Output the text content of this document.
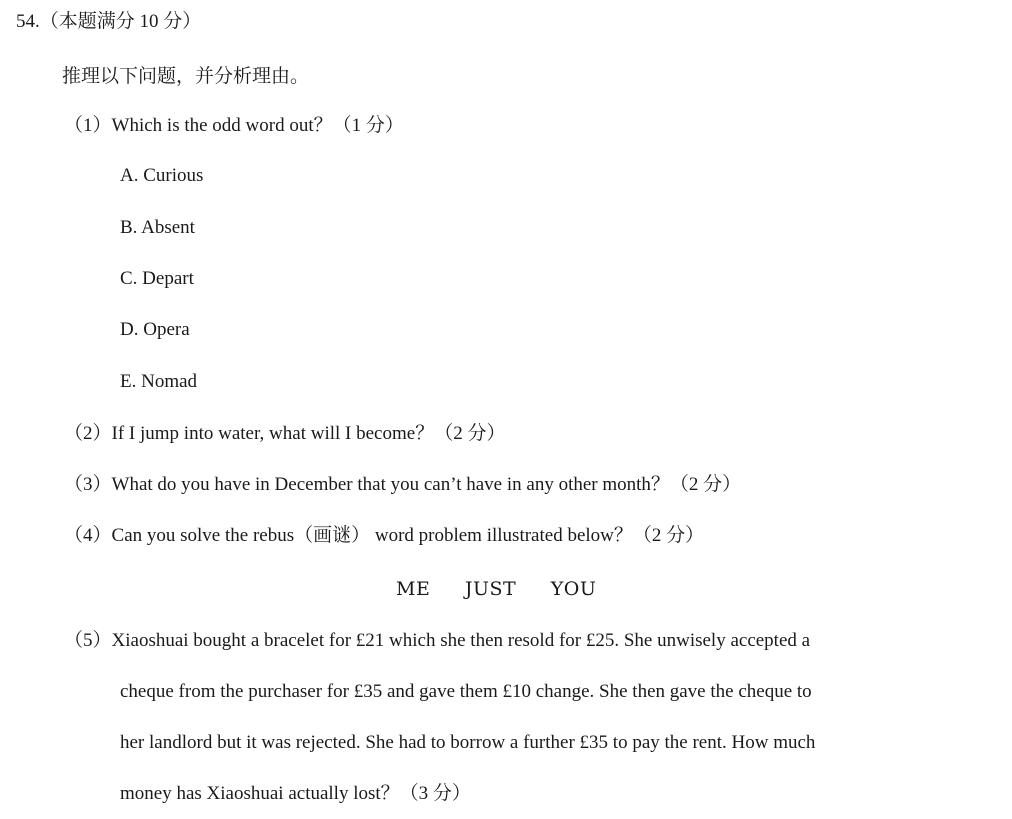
54.（本题满分 10 分）
推理以下问题，并分析理由。
（1）Which is the odd word out？（1 分）
A. Curious
B. Absent
C. Depart
D. Opera
E. Nomad
（2）If I jump into water, what will I become？（2 分）
（3）What do you have in December that you can’t have in any other month？（2 分）
（4）Can you solve the rebus（画谜） word problem illustrated below？（2 分）
ME JUST YOU
（5）Xiaoshuai bought a bracelet for £21 which she then resold for £25. She unwisely accepted a
cheque from the purchaser for £35 and gave them £10 change. She then gave the cheque to
her landlord but it was rejected. She had to borrow a further £35 to pay the rent. How much
money has Xiaoshuai actually lost？（3 分）
